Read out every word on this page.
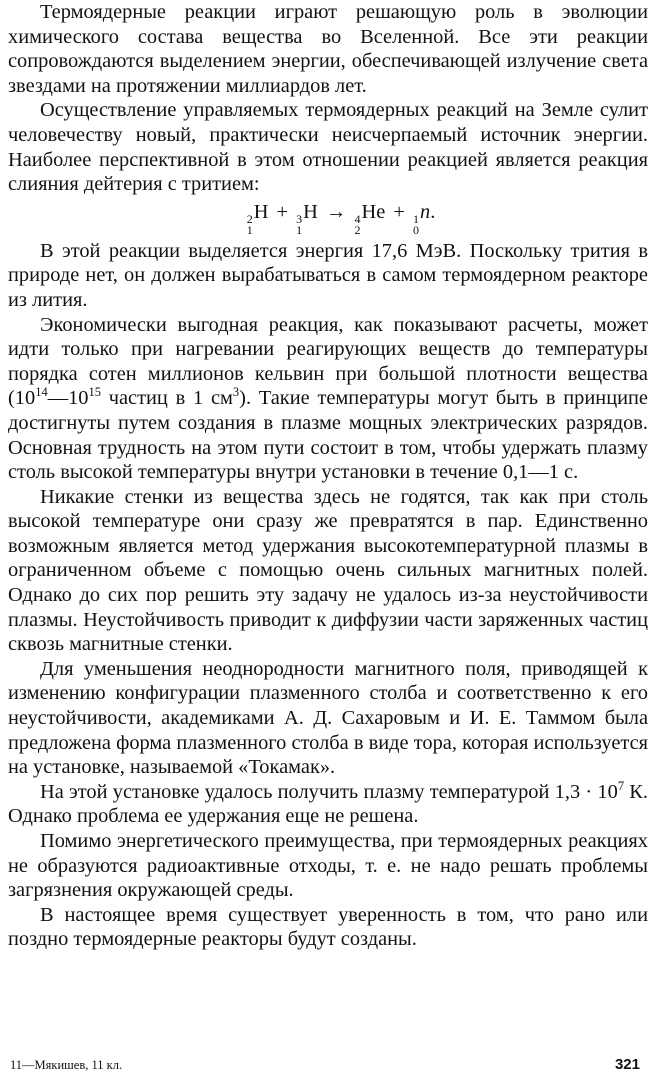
Термоядерные реакции играют решающую роль в эволюции химического состава вещества во Вселенной. Все эти реакции сопровождаются выделением энергии, обеспечивающей излучение света звездами на протяжении миллиардов лет.

Осуществление управляемых термоядерных реакций на Земле сулит человечеству новый, практически неисчерпаемый источник энергии. Наиболее перспективной в этом отношении реакцией является реакция слияния дейтерия с тритием:

2
1
H + 3
1
H → 4
2
He + 1
0
n.

В этой реакции выделяется энергия 17,6 МэВ. Поскольку трития в природе нет, он должен вырабатываться в самом термоядерном реакторе из лития.

Экономически выгодная реакция, как показывают расчеты, может идти только при нагревании реагирующих веществ до температуры порядка сотен миллионов кельвин при большой плотности вещества ($10^{14}—10^{15}$ частиц в 1 $см^3$). Такие температуры могут быть в принципе достигнуты путем создания в плазме мощных электрических разрядов. Основная трудность на этом пути состоит в том, чтобы удержать плазму столь высокой температуры внутри установки в течение 0,1—1 с.

Никакие стенки из вещества здесь не годятся, так как при столь высокой температуре они сразу же превратятся в пар. Единственно возможным является метод удержания высокотемпературной плазмы в ограниченном объеме с помощью очень сильных магнитных полей. Однако до сих пор решить эту задачу не удалось из-за неустойчивости плазмы. Неустойчивость приводит к диффузии части заряженных частиц сквозь магнитные стенки.

Для уменьшения неоднородности магнитного поля, приводящей к изменению конфигурации плазменного столба и соответственно к его неустойчивости, академиками А. Д. Сахаровым и И. Е. Таммом была предложена форма плазменного столба в виде тора, которая используется на установке, называемой «Токамак».

На этой установке удалось получить плазму температурой $1,3 \cdot 10^7$ К. Однако проблема ее удержания еще не решена.

Помимо энергетического преимущества, при термоядерных реакциях не образуются радиоактивные отходы, т. е. не надо решать проблемы загрязнения окружающей среды.

В настоящее время существует уверенность в том, что рано или поздно термоядерные реакторы будут созданы.

11—Мякишев, 11 кл.	321
